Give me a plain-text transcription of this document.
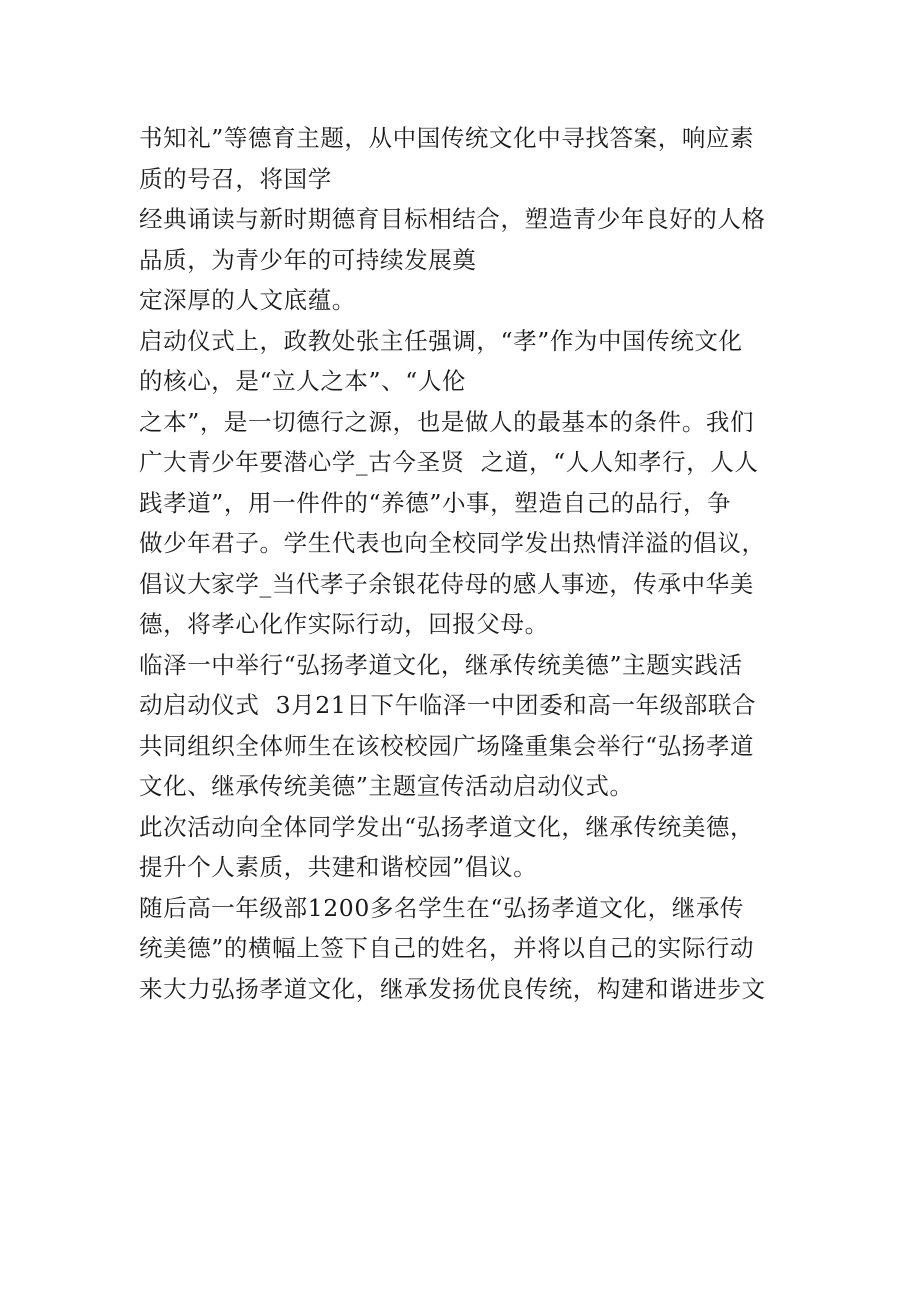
书知礼”等德育主题，从中国传统文化中寻找答案，响应素
质的号召，将国学
经典诵读与新时期德育目标相结合，塑造青少年良好的人格
品质，为青少年的可持续发展奠
定深厚的人文底蕴。
启动仪式上，政教处张主任强调，“孝”作为中国传统文化
的核心，是“立人之本”、“人伦
之本”，是一切德行之源，也是做人的最基本的条件。我们
广大青少年要潜心学_古今圣贤  之道，“人人知孝行，人人
践孝道”，用一件件的“养德”小事，塑造自己的品行，争
做少年君子。学生代表也向全校同学发出热情洋溢的倡议，
倡议大家学_当代孝子余银花侍母的感人事迹，传承中华美
德，将孝心化作实际行动，回报父母。
临泽一中举行“弘扬孝道文化，继承传统美德”主题实践活
动启动仪式  3月21日下午临泽一中团委和高一年级部联合
共同组织全体师生在该校校园广场隆重集会举行“弘扬孝道
文化、继承传统美德”主题宣传活动启动仪式。
此次活动向全体同学发出“弘扬孝道文化，继承传统美德，
提升个人素质，共建和谐校园”倡议。
随后高一年级部1200多名学生在“弘扬孝道文化，继承传
统美德”的横幅上签下自己的姓名，并将以自己的实际行动
来大力弘扬孝道文化，继承发扬优良传统，构建和谐进步文
